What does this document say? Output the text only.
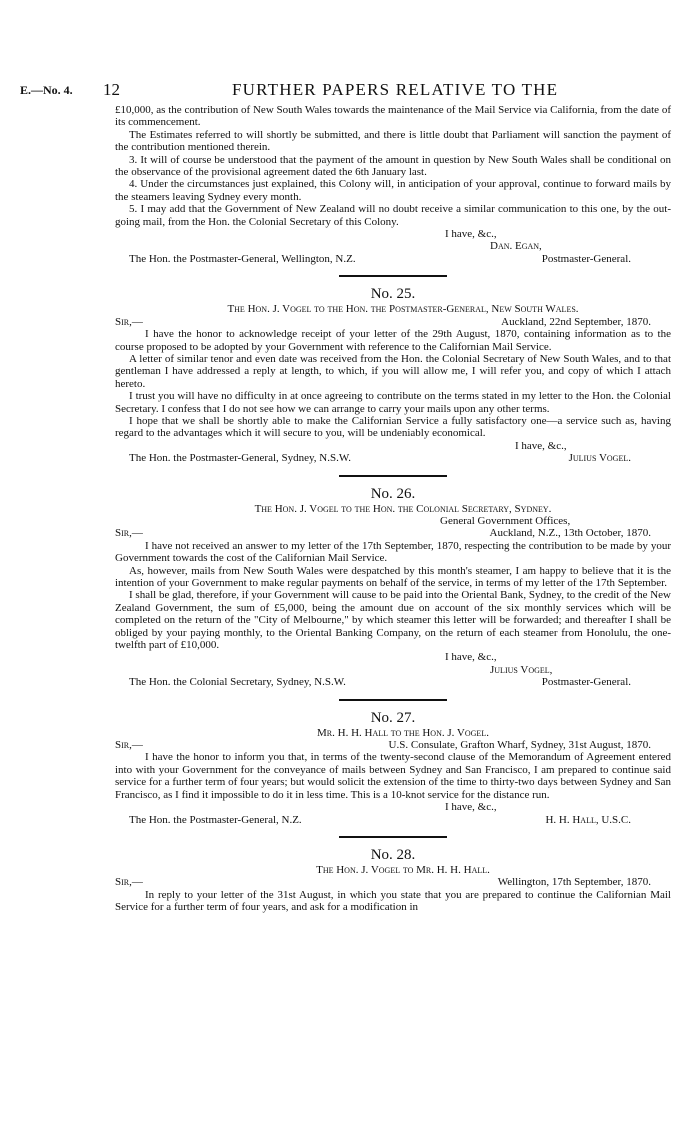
E.—No. 4. 12	FURTHER PAPERS RELATIVE TO THE

£10,000, as the contribution of New South Wales towards the maintenance of the Mail Service via California, from the date of its commencement.

The Estimates referred to will shortly be submitted, and there is little doubt that Parliament will sanction the payment of the contribution mentioned therein.

3. It will of course be understood that the payment of the amount in question by New South Wales shall be conditional on the observance of the provisional agreement dated the 6th January last.

4. Under the circumstances just explained, this Colony will, in anticipation of your approval, continue to forward mails by the steamers leaving Sydney every month.

5. I may add that the Government of New Zealand will no doubt receive a similar communication to this one, by the out-going mail, from the Hon. the Colonial Secretary of this Colony.

I have, &c.,

Dan. Egan,

The Hon. the Postmaster-General, Wellington, N.Z.	Postmaster-General.
No. 25.
The Hon. J. Vogel to the Hon. the Postmaster-General, New South Wales.
Sir,—	Auckland, 22nd September, 1870.

I have the honor to acknowledge receipt of your letter of the 29th August, 1870, containing information as to the course proposed to be adopted by your Government with reference to the Californian Mail Service.

A letter of similar tenor and even date was received from the Hon. the Colonial Secretary of New South Wales, and to that gentleman I have addressed a reply at length, to which, if you will allow me, I will refer you, and copy of which I attach hereto.

I trust you will have no difficulty in at once agreeing to contribute on the terms stated in my letter to the Hon. the Colonial Secretary. I confess that I do not see how we can arrange to carry your mails upon any other terms.

I hope that we shall be shortly able to make the Californian Service a fully satisfactory one—a service such as, having regard to the advantages which it will secure to you, will be undeniably economical.

I have, &c.,

The Hon. the Postmaster-General, Sydney, N.S.W.	Julius Vogel.
No. 26.
The Hon. J. Vogel to the Hon. the Colonial Secretary, Sydney.

General Government Offices,

Sir,—	Auckland, N.Z., 13th October, 1870.

I have not received an answer to my letter of the 17th September, 1870, respecting the contribution to be made by your Government towards the cost of the Californian Mail Service.

As, however, mails from New South Wales were despatched by this month's steamer, I am happy to believe that it is the intention of your Government to make regular payments on behalf of the service, in terms of my letter of the 17th September.

I shall be glad, therefore, if your Government will cause to be paid into the Oriental Bank, Sydney, to the credit of the New Zealand Government, the sum of £5,000, being the amount due on account of the six monthly services which will be completed on the return of the "City of Melbourne," by which steamer this letter will be forwarded; and thereafter I shall be obliged by your paying monthly, to the Oriental Banking Company, on the return of each steamer from Honolulu, the one-twelfth part of £10,000.

I have, &c.,

Julius Vogel,

The Hon. the Colonial Secretary, Sydney, N.S.W.	Postmaster-General.
No. 27.
Mr. H. H. Hall to the Hon. J. Vogel.
Sir,—	U.S. Consulate, Grafton Wharf, Sydney, 31st August, 1870.

I have the honor to inform you that, in terms of the twenty-second clause of the Memorandum of Agreement entered into with your Government for the conveyance of mails between Sydney and San Francisco, I am prepared to continue said service for a further term of four years; but would solicit the extension of the time to thirty-two days between Sydney and San Francisco, as I find it impossible to do it in less time. This is a 10-knot service for the distance run.

I have, &c.,

The Hon. the Postmaster-General, N.Z.	H. H. Hall, U.S.C.
No. 28.
The Hon. J. Vogel to Mr. H. H. Hall.
Sir,—	Wellington, 17th September, 1870.

In reply to your letter of the 31st August, in which you state that you are prepared to continue the Californian Mail Service for a further term of four years, and ask for a modification in
